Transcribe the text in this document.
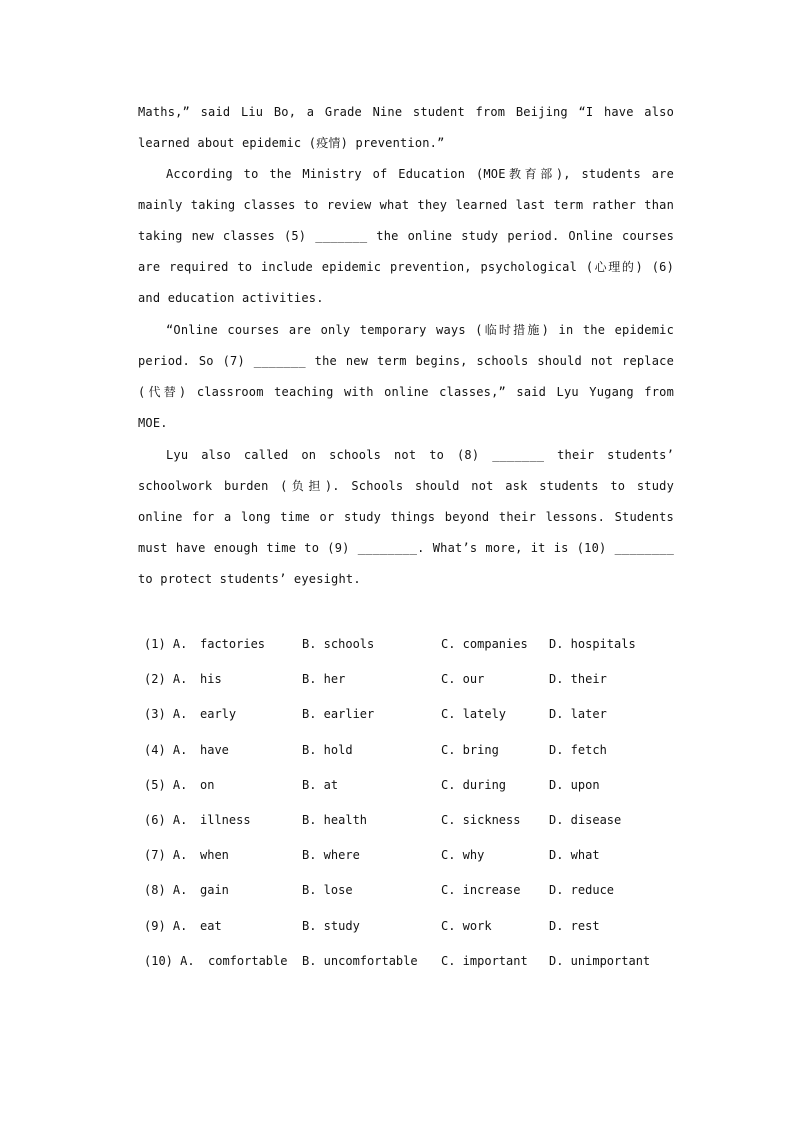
Maths,” said Liu Bo, a Grade Nine student from Beijing “I have also learned about epidemic (疫情) prevention.”

According to the Ministry of Education (MOE教育部), students are mainly taking classes to review what they learned last term rather than taking new classes (5) _______ the online study period. Online courses are required to include epidemic prevention, psychological (心理的) (6) and education activities.

“Online courses are only temporary ways (临时措施) in the epidemic period. So (7) _______ the new term begins, schools should not replace (代替) classroom teaching with online classes,” said Lyu Yugang from MOE.

Lyu also called on schools not to (8) _______ their students’ schoolwork burden (负担). Schools should not ask students to study online for a long time or study things beyond their lessons. Students must have enough time to (9) ________. What’s more, it is (10) ________ to protect students’ eyesight.

(1) A. factories	B. schools	C. companies D. hospitals
(2) A. his	B. her	C. our	D. their
(3) A. early	B. earlier	C. lately	D. later
(4) A. have	B. hold	C. bring	D. fetch
(5) A. on	B. at	C. during	D. upon
(6) A. illness	B. health	C. sickness D. disease
(7) A. when	B. where	C. why	D. what
(8) A. gain	B. lose	C. increase D. reduce
(9) A. eat	B. study	C. work	D. rest
(10) A. comfortable B. uncomfortable C. important D. unimportant
